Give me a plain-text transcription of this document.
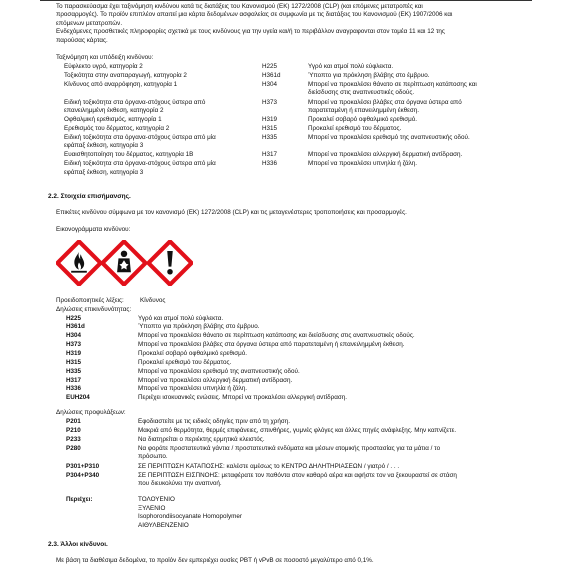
Το παρασκεύασμα έχει ταξινόμηση κινδύνου κατά τις διατάξεις του Κανονισμού (ΕΚ) 1272/2008 (CLP) (και επόμενες μετατροπές και

προσαρμογές). Το προϊόν επιπλέον απαιτεί μια κάρτα δεδομένων ασφαλείας σε συμφωνία με τις διατάξεις του Κανονισμού (ΕΚ) 1907/2006 και

επόμενων μετατροπών.

Ενδεχόμενες προσθετικές πληροφορίες σχετικά με τους κινδύνους για την υγεία και/ή το περιβάλλον αναγραφονται στον τομέα 11 και 12 της

παρούσας κάρτας.

Ταξινόμηση και υπόδειξη κινδύνου:
Εύφλεκτο υγρό, κατηγορία 2	H225	Υγρό και ατμοί πολύ εύφλεκτα.
Τοξικότητα στην αναπαραγωγή, κατηγορία 2	H361d	Ύποπτο για πρόκληση βλάβης στο έμβρυο.
Κίνδυνος από αναρρόφηση, κατηγορία 1	H304	Μπορεί να προκαλέσει θάνατο σε περίπτωση κατάποσης και
διείσδυσης στις αναπνευστικές οδούς.
Ειδική τοξικότητα στα όργανα-στόχους ύστερα από	H373	Μπορεί να προκαλέσει βλάβες στα όργανα ύστερα από
επανειλημμένη έκθεση, κατηγορία 2	παρατεταμένη ή επανειλημμένη έκθεση.
Οφθαλμική ερεθισμός, κατηγορία 1	H319	Προκαλεί σοβαρό οφθαλμικό ερεθισμό.
Ερεθισμός του δέρματος, κατηγορία 2	H315	Προκαλεί ερεθισμό του δέρματος.
Ειδική τοξικότητα στα όργανα-στόχους ύστερα από μία	H335	Μπορεί να προκαλέσει ερεθισμό της αναπνευστικής οδού.
εφάπαξ έκθεση, κατηγορία 3
Ευαισθητοποίηση του δέρματος, κατηγορία 1B	H317	Μπορεί να προκαλέσει αλλεργική δερματική αντίδραση.
Ειδική τοξικότητα στα όργανα-στόχους ύστερα από μία	H336	Μπορεί να προκαλέσει υπνηλία ή ζάλη.
εφάπαξ έκθεση, κατηγορία 3
2.2. Στοιχεία επισήμανσης.
Επικέτες κινδύνου σύμφωνα με τον κανονισμό (ΕΚ) 1272/2008 (CLP) και τις μεταγενέστερες τροποποιήσεις και προσαρμογές.
Εικονογράμματα κινδύνου:
Προειδοποιητικές λέξεις:	Κίνδυνος
Δηλώσεις επικινδυνότητας:
H225	Υγρό και ατμοί πολύ εύφλεκτα.
H361d	Ύποπτο για πρόκληση βλάβης στο έμβρυο.
H304	Μπορεί να προκαλέσει θάνατο σε περίπτωση κατάποσης και διείσδυσης στις αναπνευστικές οδούς.
H373	Μπορεί να προκαλέσει βλάβες στα όργανα ύστερα από παρατεταμένη ή επανειλημμένη έκθεση.
H319	Προκαλεί σοβαρό οφθαλμικό ερεθισμό.
H315	Προκαλεί ερεθισμό του δέρματος.
H335	Μπορεί να προκαλέσει ερεθισμό της αναπνευστικής οδού.
H317	Μπορεί να προκαλέσει αλλεργική δερματική αντίδραση.
H336	Μπορεί να προκαλέσει υπνηλία ή ζάλη.
EUH204	Περιέχει ισοκυανικές ενώσεις. Μπορεί να προκαλέσει αλλεργική αντίδραση.
Δηλώσεις προφυλάξεων:
P201	Εφοδιαστείτε με τις ειδικές οδηγίες πριν από τη χρήση.
P210	Μακριά από θερμότητα, θερμές επιφάνειες, σπινθήρες, γυμνές φλόγες και άλλες πηγές ανάφλεξης. Μην καπνίζετε.
P233	Να διατηρείται ο περιέκτης ερμητικά κλειστός.
P280	Να φοράτε προστατευτικά γάντια / προστατευτικά ενδύματα και μέσων ατομικής προστασίας για τα μάτια / το
πρόσωπο.
P301+P310	ΣΕ ΠΕΡΙΠΤΩΣΗ ΚΑΤΑΠΟΣΗΣ: καλέστε αμέσως το ΚΕΝΤΡΟ ΔΗΛΗΤΗΡΙΑΣΕΩΝ / γιατρό / . . .
P304+P340	ΣΕ ΠΕΡΙΠΤΩΣΗ ΕΙΣΠΝΟΗΣ: μεταφέρατε τον παθόντα στον καθαρό αέρα και αφήστε τον να ξεκουραστεί σε στάση
που διευκολύνει την αναπνοή.
Περιέχει:	ΤΟΛΟΥΕΝΙΟ
ΞΥΛΕΝΙΟ
Isophorondiisocyanate Homopolymer
ΑΙΘΥΛΒΕΝΖΕΝΙΟ
2.3. Άλλοι κίνδυνοι.
Με βάση τα διαθέσιμα δεδομένα, το προϊόν δεν εμπεριέχει ουσίες PBT ή vPvB σε ποσοστό μεγαλύτερο από 0,1%.
